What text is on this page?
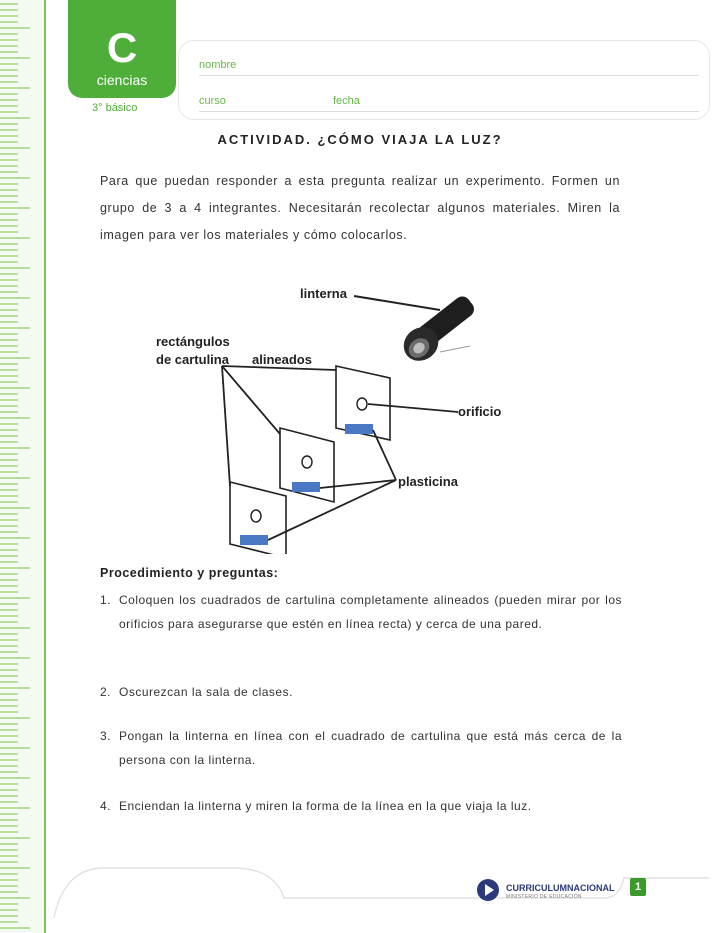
C
ciencias
3° básico
nombre
curso	fecha
ACTIVIDAD. ¿CÓMO VIAJA LA LUZ?

Para que puedan responder a esta pregunta realizar un experimento. Formen un grupo de 3 a 4 integrantes. Necesitarán recolectar algunos materiales. Miren la imagen para ver los materiales y cómo colocarlos.

linterna
rectángulos
de cartulina alineados
orificio
plasticina
Procedimiento y preguntas:
1. Coloquen los cuadrados de cartulina completamente alineados (pueden mirar por los orificios para asegurarse que estén en línea recta) y cerca de una pared.
2. Oscurezcan la sala de clases.
3. Pongan la linterna en línea con el cuadrado de cartulina que está más cerca de la persona con la linterna.
4. Enciendan la linterna y miren la forma de la línea en la que viaja la luz.
CURRICULUMNACIONAL
MINISTERIO DE EDUCACIÓN
1
